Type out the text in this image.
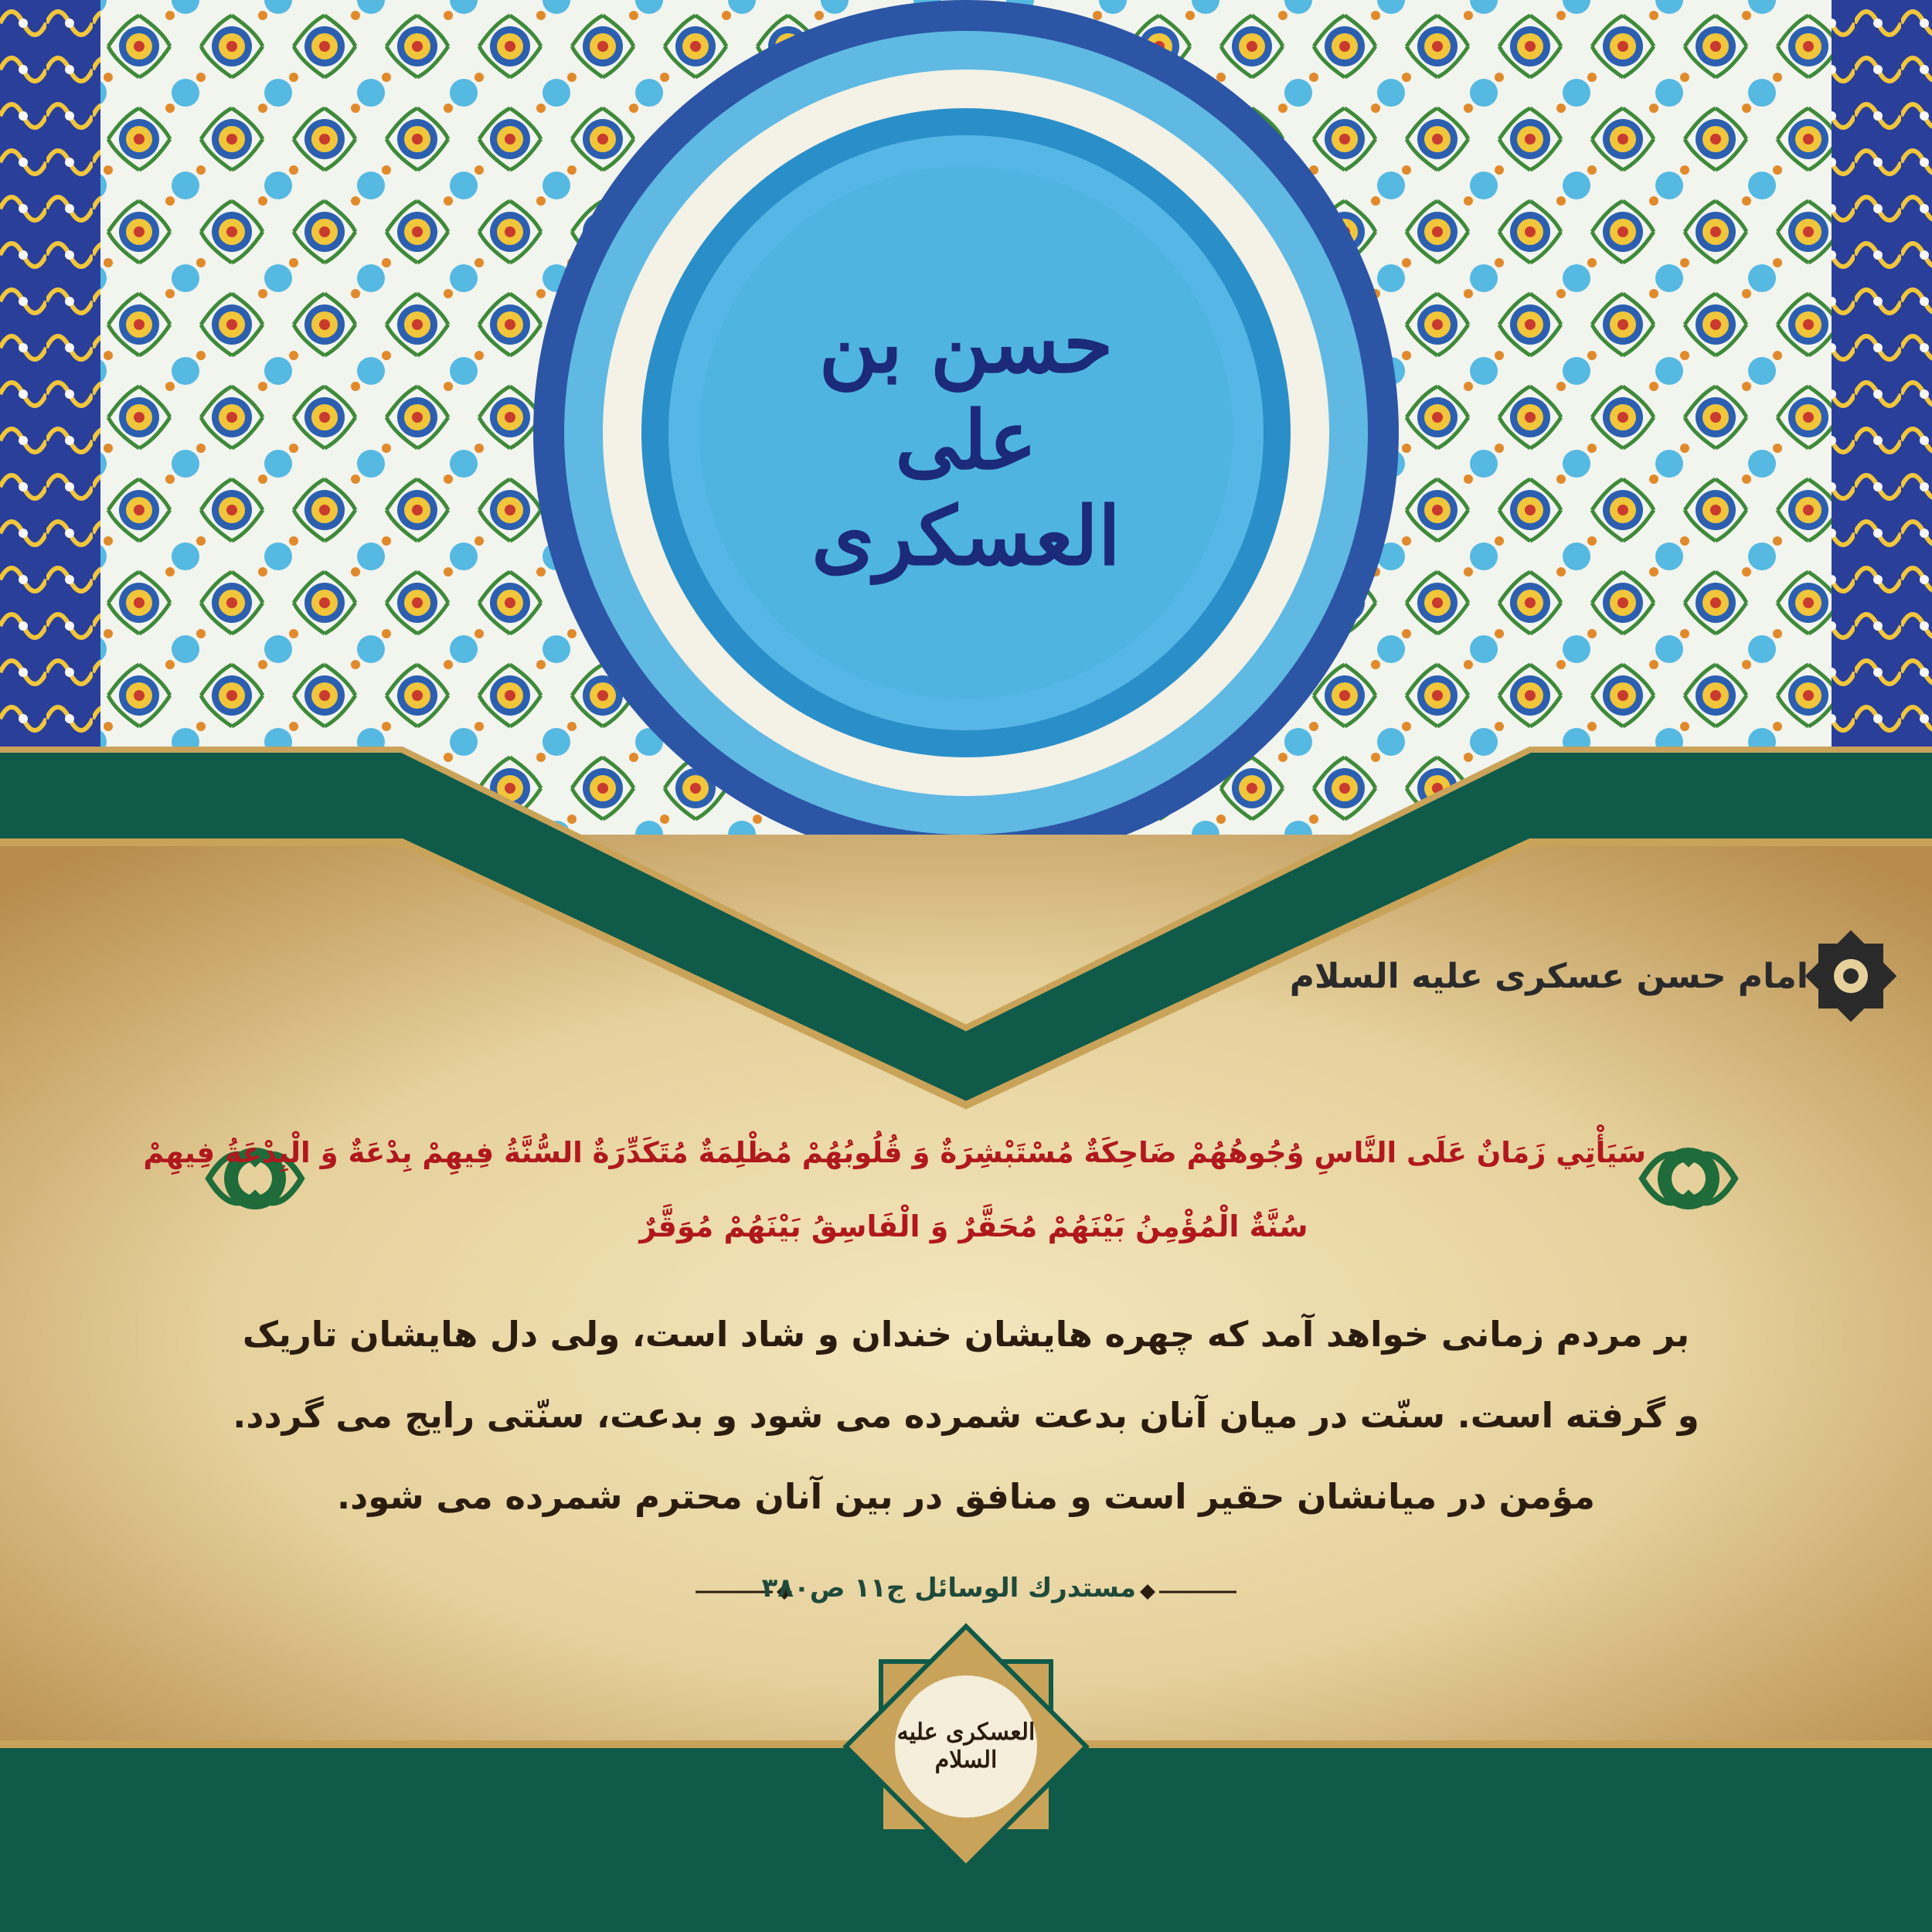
حسن بن علی العسکری
امام حسن عسکری علیه السلام
سَيَأْتِي زَمَانٌ عَلَى النَّاسِ وُجُوهُهُمْ ضَاحِكَةٌ مُسْتَبْشِرَةٌ وَ قُلُوبُهُمْ مُظْلِمَةٌ مُتَكَدِّرَةٌ السُّنَّةُ فِيهِمْ بِدْعَةٌ وَ الْبِدْعَةُ فِيهِمْ
سُنَّةٌ الْمُؤْمِنُ بَيْنَهُمْ مُحَقَّرٌ وَ الْفَاسِقُ بَيْنَهُمْ مُوَقَّرٌ
بر مردم زمانی خواهد آمد که چهره هایشان خندان و شاد است، ولی دل هایشان تاریک
و گرفته است. سنّت در میان آنان بدعت شمرده می شود و بدعت، سنّتی رایج می گردد.
مؤمن در میانشان حقیر است و منافق در بین آنان محترم شمرده می شود.
مستدرك الوسائل ج۱۱ ص۳۸۰
العسکری علیه السلام
